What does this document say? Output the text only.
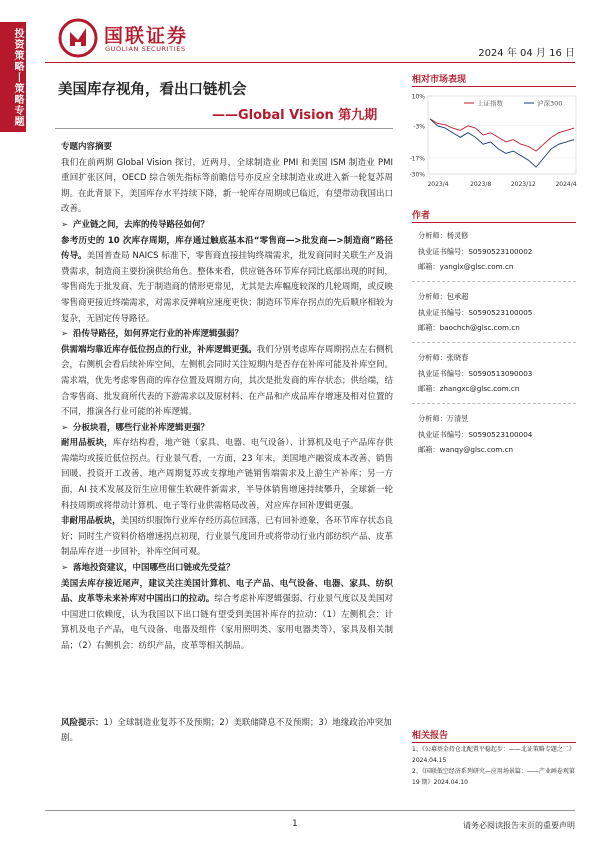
投资策略丨策略专题	国联证券
GUOLIAN SECURITIES	2024 年 04 月 16 日
美国库存视角，看出口链机会
——Global Vision 第九期

专题内容摘要

我们在前两期 Global Vision 探讨，近两月，全球制造业 PMI 和美国 ISM 制造业 PMI 重回扩张区间，OECD 综合领先指标等前瞻信号亦反应全球制造业或进入新一轮复苏周期。在此背景下，美国库存水平持续下降，新一轮库存周期或已临近，有望带动我国出口改善。

➢ 产业链之间，去库的传导路径如何？

参考历史的 10 次库存周期，库存通过触底基本沿“零售商—>批发商—>制造商”路径传导。美国普查局 NAICS 标准下，零售商直接挂钩终端需求，批发商同时关联生产及消费需求，制造商主要扮演供给角色。整体来看，供应链各环节库存同比底部出现的时间，零售商先于批发商、先于制造商的情形更常见，尤其是去库幅度较深的几轮周期，或反映零售商更接近终端需求，对需求反弹响应速度更快；制造环节库存拐点的先后顺序相较为复杂，无固定传导路径。

➢ 沿传导路径，如何界定行业的补库逻辑强弱？

供需端均靠近库存低位拐点的行业，补库逻辑更强。我们分别考虑库存周期拐点左右侧机会，右侧机会看后续补库空间，左侧机会同时关注短期内是否存在补库可能及补库空间。需求端，优先考虑零售商的库存位置及周期方向，其次是批发商的库存状态；供给端，结合零售商、批发商所代表的下游需求以及原材料、在产品和产成品库存增速及相对位置的不同，推演各行业可能的补库逻辑。

➢ 分板块看，哪些行业补库逻辑更强？

耐用品板块，库存结构看，地产链（家具、电器、电气设备）、计算机及电子产品库存供需端均或接近低位拐点。行业景气看，一方面，23 年末，美国地产融资成本改善、销售回暖、投资开工改善，地产周期复苏或支撑地产链销售端需求及上游生产补库；另一方面，AI 技术发展及衍生应用催生软硬件新需求，半导体销售增速持续攀升，全球新一轮科技周期或将带动计算机、电子等行业供需格局改善，对应库存回补逻辑更强。

非耐用品板块，美国纺织服饰行业库存经历高位回落，已有回补迹象，各环节库存状态良好；同时生产资料价格增速拐点初现，行业景气度回升或将带动行业内部纺织产品、皮革制品库存进一步回补，补库空间可观。

➢ 落地投资建议，中国哪些出口链或先受益？

美国去库存接近尾声，建议关注美国计算机、电子产品、电气设备、电器、家具、纺织品、皮革等未来补库对中国出口的拉动。综合考虑补库逻辑强弱、行业景气度以及美国对中国进口依赖度，认为我国以下出口链有望受到美国补库存的拉动：（1）左侧机会：计算机及电子产品，电气设备、电器及组件（家用照明类、家用电器类等），家具及相关制品；（2）右侧机会：纺织产品，皮革等相关制品。

风险提示：1）全球制造业复苏不及预期；2）美联储降息不及预期；3）地缘政治冲突加剧。
相对市场表现
上证指数	沪深300
10%
-3%
-17%
-30%
2023/4	2023/8	2023/12	2024/4
作者
分析师：杨灵修
执业证书编号：S0590523100002
邮箱：yanglx@glsc.com.cn
分析师：包承超
执业证书编号：S0590523100005
邮箱：baochch@glsc.com.cn
分析师：张晓春
执业证书编号：S0590513090003
邮箱：zhangxc@glsc.com.cn
分析师：万清昱
执业证书编号：S0590523100004
邮箱：wanqy@glsc.com.cn
相关报告
1、《公募基金持仓北配置平稳起步：——北证策略专题之二》2024.04.15
2、《国联低空经济系列研究—应用场景篇：——产业画卷观第 19 期》2024.04.10
1	请务必阅读报告末页的重要声明
